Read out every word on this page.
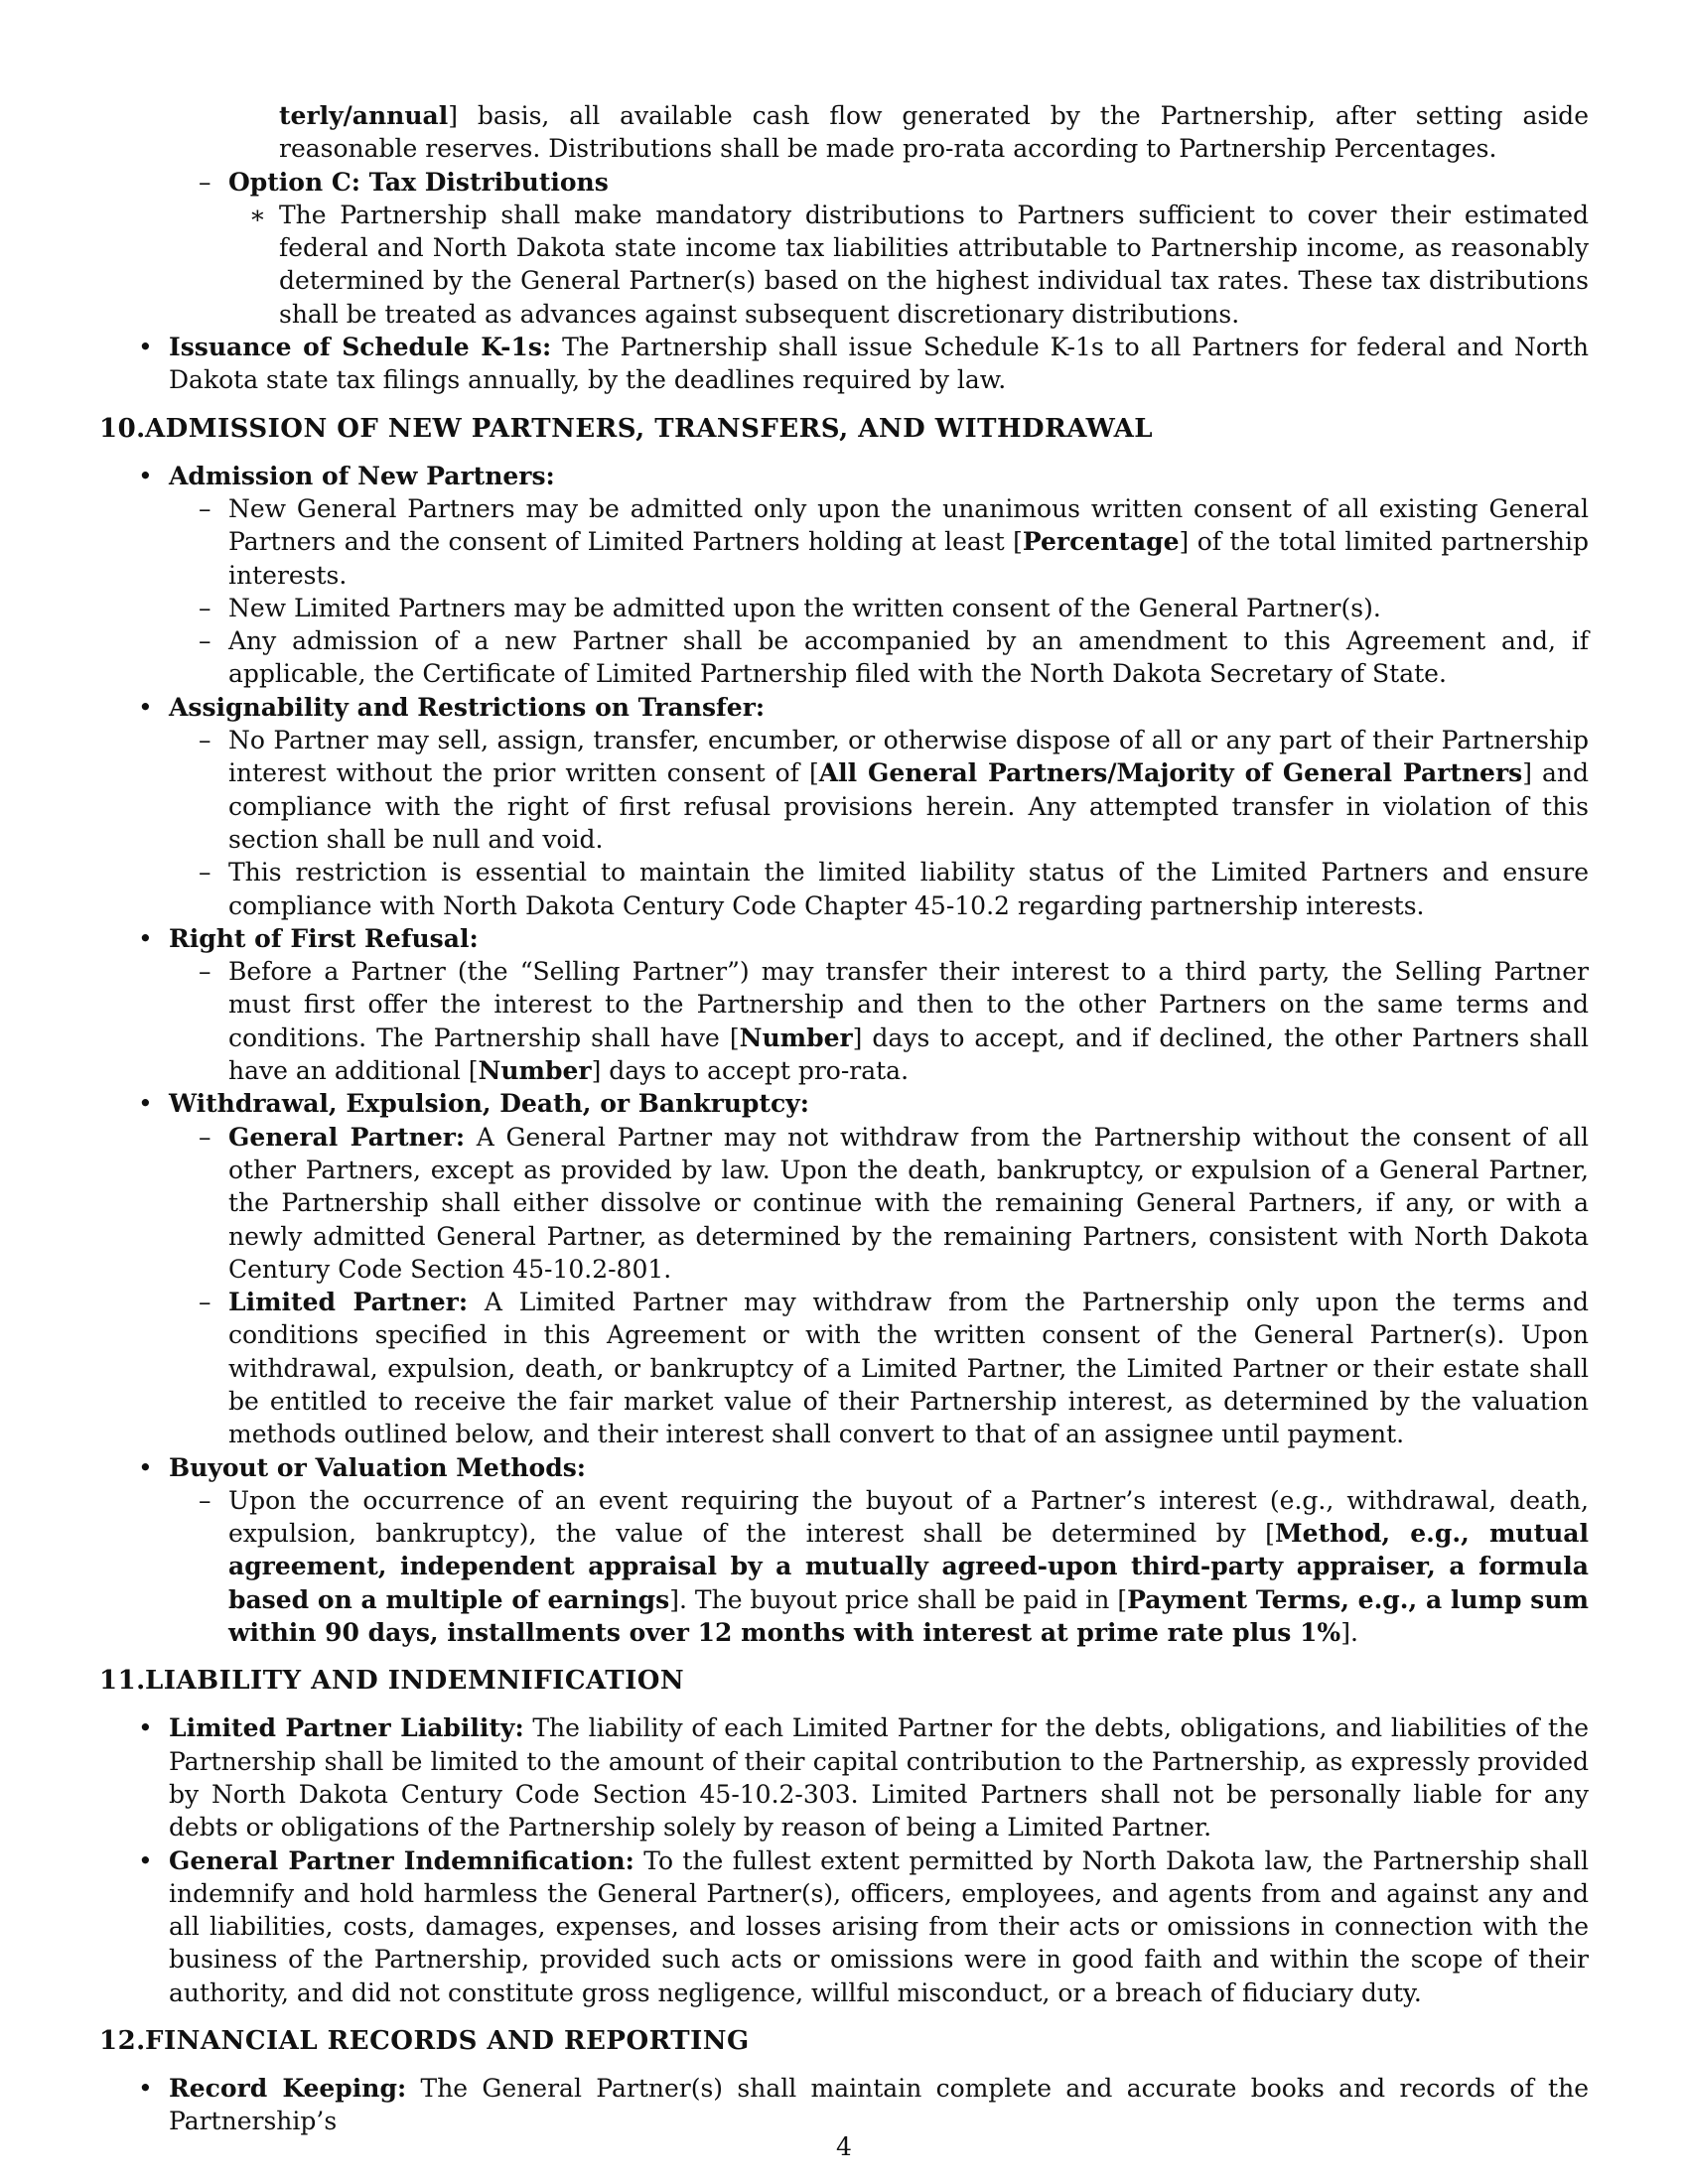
terly/annual] basis, all available cash flow generated by the Partnership, after setting aside reasonable reserves. Distributions shall be made pro-rata according to Partnership Percentages.
– Option C: Tax Distributions
∗ The Partnership shall make mandatory distributions to Partners sufficient to cover their estimated federal and North Dakota state income tax liabilities attributable to Partnership income, as reasonably determined by the General Partner(s) based on the highest individual tax rates. These tax distributions shall be treated as advances against subsequent discretionary distributions.
• Issuance of Schedule K-1s: The Partnership shall issue Schedule K-1s to all Partners for federal and North Dakota state tax filings annually, by the deadlines required by law.
10.ADMISSION OF NEW PARTNERS, TRANSFERS, AND WITHDRAWAL
• Admission of New Partners:
– New General Partners may be admitted only upon the unanimous written consent of all existing General Partners and the consent of Limited Partners holding at least [Percentage] of the total limited partnership interests.
– New Limited Partners may be admitted upon the written consent of the General Partner(s).
– Any admission of a new Partner shall be accompanied by an amendment to this Agreement and, if applicable, the Certificate of Limited Partnership filed with the North Dakota Secretary of State.
• Assignability and Restrictions on Transfer:
– No Partner may sell, assign, transfer, encumber, or otherwise dispose of all or any part of their Partnership interest without the prior written consent of [All General Partners/Majority of General Partners] and compliance with the right of first refusal provisions herein. Any attempted transfer in violation of this section shall be null and void.
– This restriction is essential to maintain the limited liability status of the Limited Partners and ensure compliance with North Dakota Century Code Chapter 45-10.2 regarding partnership interests.
• Right of First Refusal:
– Before a Partner (the “Selling Partner”) may transfer their interest to a third party, the Selling Partner must first offer the interest to the Partnership and then to the other Partners on the same terms and conditions. The Partnership shall have [Number] days to accept, and if declined, the other Partners shall have an additional [Number] days to accept pro-rata.
• Withdrawal, Expulsion, Death, or Bankruptcy:
– General Partner: A General Partner may not withdraw from the Partnership without the consent of all other Partners, except as provided by law. Upon the death, bankruptcy, or expulsion of a General Partner, the Partnership shall either dissolve or continue with the remaining General Partners, if any, or with a newly admitted General Partner, as determined by the remaining Partners, consistent with North Dakota Century Code Section 45-10.2-801.
– Limited Partner: A Limited Partner may withdraw from the Partnership only upon the terms and conditions specified in this Agreement or with the written consent of the General Partner(s). Upon withdrawal, expulsion, death, or bankruptcy of a Limited Partner, the Limited Partner or their estate shall be entitled to receive the fair market value of their Partnership interest, as determined by the valuation methods outlined below, and their interest shall convert to that of an assignee until payment.
• Buyout or Valuation Methods:
– Upon the occurrence of an event requiring the buyout of a Partner’s interest (e.g., withdrawal, death, expulsion, bankruptcy), the value of the interest shall be determined by [Method, e.g., mutual agreement, independent appraisal by a mutually agreed-upon third-party appraiser, a formula based on a multiple of earnings]. The buyout price shall be paid in [Payment Terms, e.g., a lump sum within 90 days, installments over 12 months with interest at prime rate plus 1%].
11.LIABILITY AND INDEMNIFICATION
• Limited Partner Liability: The liability of each Limited Partner for the debts, obligations, and liabilities of the Partnership shall be limited to the amount of their capital contribution to the Partnership, as expressly provided by North Dakota Century Code Section 45-10.2-303. Limited Partners shall not be personally liable for any debts or obligations of the Partnership solely by reason of being a Limited Partner.
• General Partner Indemnification: To the fullest extent permitted by North Dakota law, the Partnership shall indemnify and hold harmless the General Partner(s), officers, employees, and agents from and against any and all liabilities, costs, damages, expenses, and losses arising from their acts or omissions in connection with the business of the Partnership, provided such acts or omissions were in good faith and within the scope of their authority, and did not constitute gross negligence, willful misconduct, or a breach of fiduciary duty.
12.FINANCIAL RECORDS AND REPORTING
• Record Keeping: The General Partner(s) shall maintain complete and accurate books and records of the Partnership’s
4
